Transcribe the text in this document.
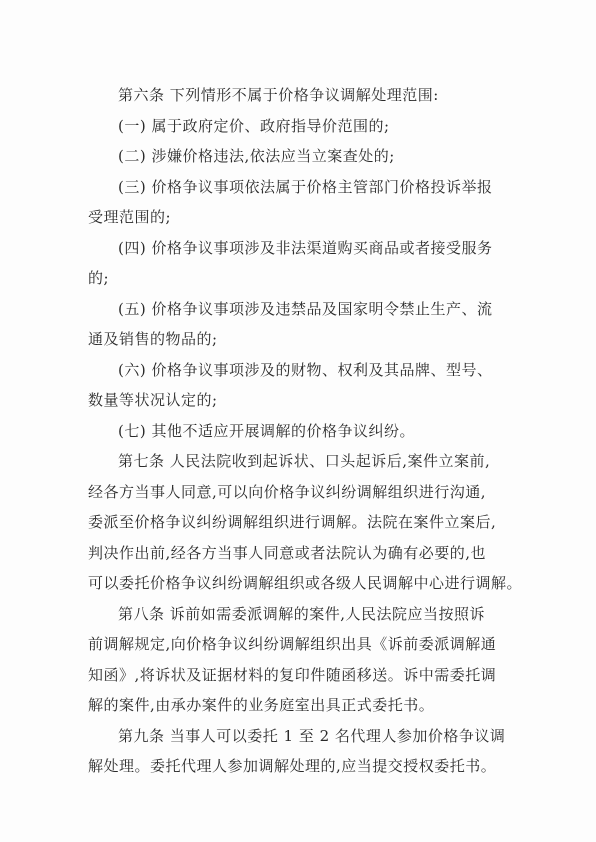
第六条 下列情形不属于价格争议调解处理范围:
(一) 属于政府定价、政府指导价范围的;
(二) 涉嫌价格违法,依法应当立案查处的;
(三) 价格争议事项依法属于价格主管部门价格投诉举报
受理范围的;
(四) 价格争议事项涉及非法渠道购买商品或者接受服务
的;
(五) 价格争议事项涉及违禁品及国家明令禁止生产、流
通及销售的物品的;
(六) 价格争议事项涉及的财物、权利及其品牌、型号、
数量等状况认定的;
(七) 其他不适应开展调解的价格争议纠纷。
第七条 人民法院收到起诉状、口头起诉后,案件立案前,
经各方当事人同意,可以向价格争议纠纷调解组织进行沟通,
委派至价格争议纠纷调解组织进行调解。法院在案件立案后,
判决作出前,经各方当事人同意或者法院认为确有必要的,也
可以委托价格争议纠纷调解组织或各级人民调解中心进行调解。
第八条 诉前如需委派调解的案件,人民法院应当按照诉
前调解规定,向价格争议纠纷调解组织出具《诉前委派调解通
知函》,将诉状及证据材料的复印件随函移送。诉中需委托调
解的案件,由承办案件的业务庭室出具正式委托书。
第九条 当事人可以委托 1 至 2 名代理人参加价格争议调
解处理。委托代理人参加调解处理的,应当提交授权委托书。
